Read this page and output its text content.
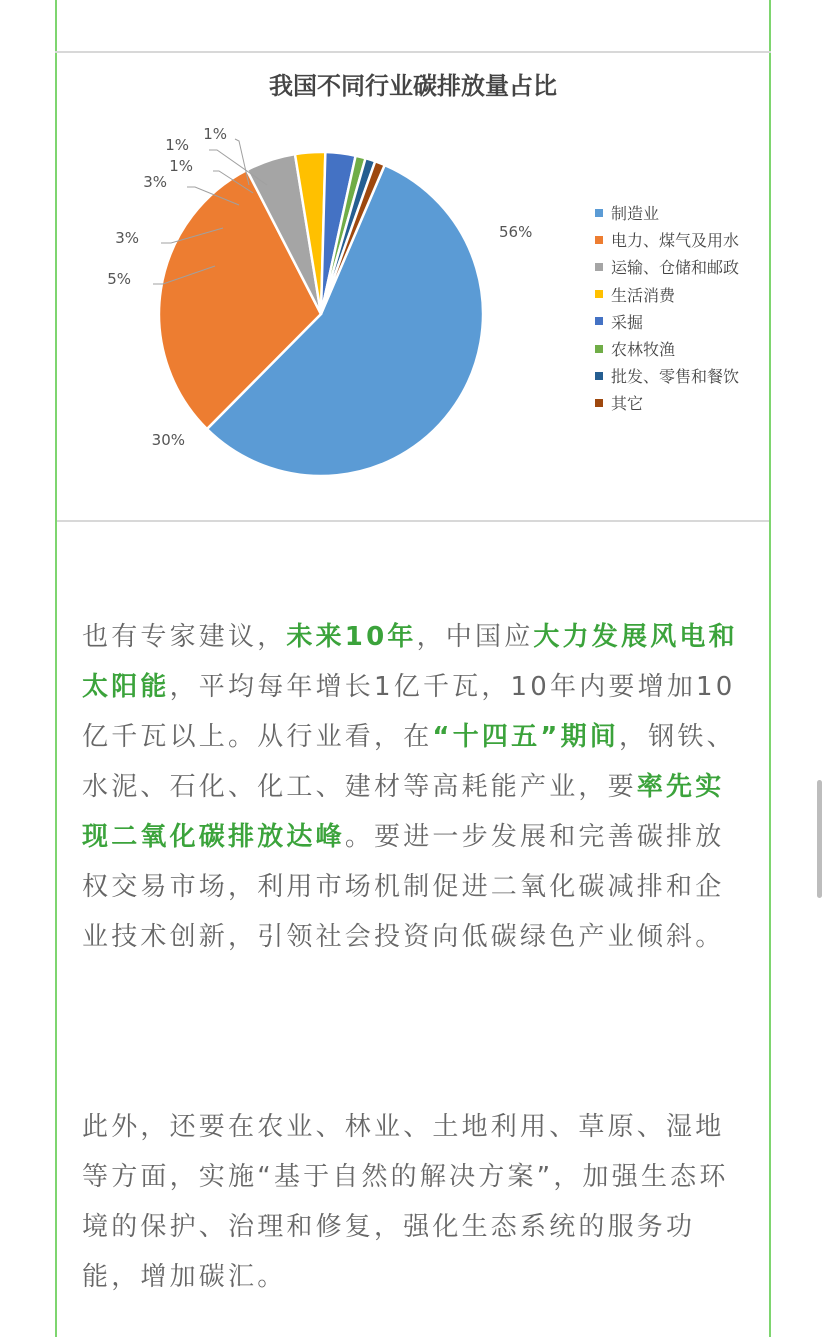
我国不同行业碳排放量占比
56%
30%
5%
3%
3%
1%
1%
1%
制造业
电力、煤气及用水
运输、仓储和邮政
生活消费
采掘
农林牧渔
批发、零售和餐饮
其它
也有专家建议，未来10年，中国应大力发展风电和太阳能，平均每年增长1亿千瓦，10年内要增加10亿千瓦以上。从行业看，在“十四五”期间，钢铁、水泥、石化、化工、建材等高耗能产业，要率先实现二氧化碳排放达峰。要进一步发展和完善碳排放权交易市场，利用市场机制促进二氧化碳减排和企业技术创新，引领社会投资向低碳绿色产业倾斜。
此外，还要在农业、林业、土地利用、草原、湿地等方面，实施“基于自然的解决方案”，加强生态环境的保护、治理和修复，强化生态系统的服务功能，增加碳汇。
